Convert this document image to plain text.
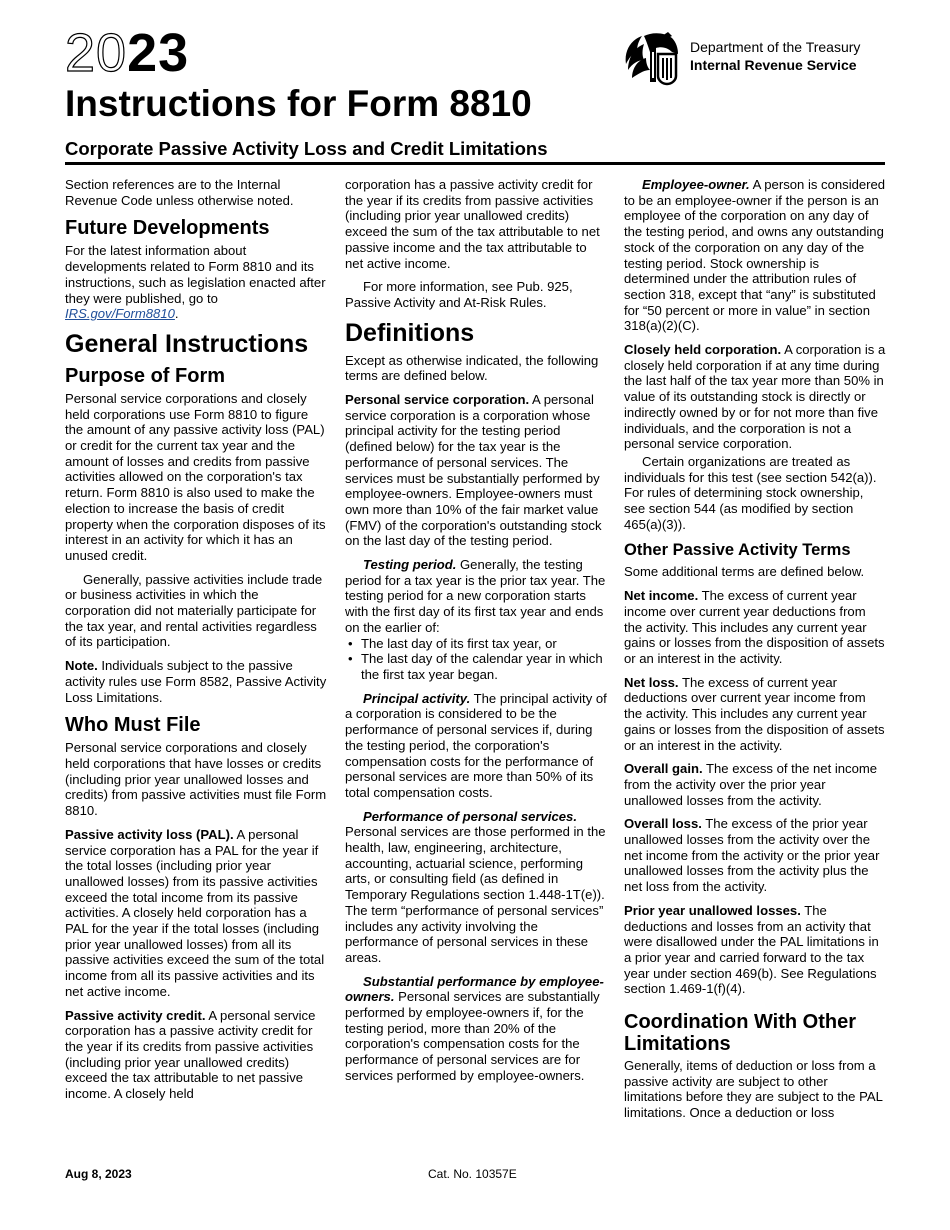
2023
Instructions for Form 8810
Corporate Passive Activity Loss and Credit Limitations
Department of the Treasury
Internal Revenue Service

Section references are to the Internal Revenue Code unless otherwise noted.

Future Developments

For the latest information about developments related to Form 8810 and its instructions, such as legislation enacted after they were published, go to IRS.gov/Form8810.

General Instructions
Purpose of Form

Personal service corporations and closely held corporations use Form 8810 to figure the amount of any passive activity loss (PAL) or credit for the current tax year and the amount of losses and credits from passive activities allowed on the corporation's tax return. Form 8810 is also used to make the election to increase the basis of credit property when the corporation disposes of its interest in an activity for which it has an unused credit.

Generally, passive activities include trade or business activities in which the corporation did not materially participate for the tax year, and rental activities regardless of its participation.

Note. Individuals subject to the passive activity rules use Form 8582, Passive Activity Loss Limitations.

Who Must File

Personal service corporations and closely held corporations that have losses or credits (including prior year unallowed losses and credits) from passive activities must file Form 8810.

Passive activity loss (PAL). A personal service corporation has a PAL for the year if the total losses (including prior year unallowed losses) from its passive activities exceed the total income from its passive activities. A closely held corporation has a PAL for the year if the total losses (including prior year unallowed losses) from all its passive activities exceed the sum of the total income from all its passive activities and its net active income.

Passive activity credit. A personal service corporation has a passive activity credit for the year if its credits from passive activities (including prior year unallowed credits) exceed the tax attributable to net passive income. A closely held

corporation has a passive activity credit for the year if its credits from passive activities (including prior year unallowed credits) exceed the sum of the tax attributable to net passive income and the tax attributable to net active income.

For more information, see Pub. 925, Passive Activity and At-Risk Rules.

Definitions

Except as otherwise indicated, the following terms are defined below.

Personal service corporation. A personal service corporation is a corporation whose principal activity for the testing period (defined below) for the tax year is the performance of personal services. The services must be substantially performed by employee-owners. Employee-owners must own more than 10% of the fair market value (FMV) of the corporation's outstanding stock on the last day of the testing period.

Testing period. Generally, the testing period for a tax year is the prior tax year. The testing period for a new corporation starts with the first day of its first tax year and ends on the earlier of:

• The last day of its first tax year, or
• The last day of the calendar year in which the first tax year began.

Principal activity. The principal activity of a corporation is considered to be the performance of personal services if, during the testing period, the corporation's compensation costs for the performance of personal services are more than 50% of its total compensation costs.

Performance of personal services. Personal services are those performed in the health, law, engineering, architecture, accounting, actuarial science, performing arts, or consulting field (as defined in Temporary Regulations section 1.448-1T(e)). The term “performance of personal services” includes any activity involving the performance of personal services in these areas.

Substantial performance by employee-owners. Personal services are substantially performed by employee-owners if, for the testing period, more than 20% of the corporation's compensation costs for the performance of personal services are for services performed by employee-owners.

Employee-owner. A person is considered to be an employee-owner if the person is an employee of the corporation on any day of the testing period, and owns any outstanding stock of the corporation on any day of the testing period. Stock ownership is determined under the attribution rules of section 318, except that “any” is substituted for “50 percent or more in value” in section 318(a)(2)(C).

Closely held corporation. A corporation is a closely held corporation if at any time during the last half of the tax year more than 50% in value of its outstanding stock is directly or indirectly owned by or for not more than five individuals, and the corporation is not a personal service corporation.

Certain organizations are treated as individuals for this test (see section 542(a)). For rules of determining stock ownership, see section 544 (as modified by section 465(a)(3)).

Other Passive Activity Terms

Some additional terms are defined below.

Net income. The excess of current year income over current year deductions from the activity. This includes any current year gains or losses from the disposition of assets or an interest in the activity.

Net loss. The excess of current year deductions over current year income from the activity. This includes any current year gains or losses from the disposition of assets or an interest in the activity.

Overall gain. The excess of the net income from the activity over the prior year unallowed losses from the activity.

Overall loss. The excess of the prior year unallowed losses from the activity over the net income from the activity or the prior year unallowed losses from the activity plus the net loss from the activity.

Prior year unallowed losses. The deductions and losses from an activity that were disallowed under the PAL limitations in a prior year and carried forward to the tax year under section 469(b). See Regulations section 1.469-1(f)(4).

Coordination With Other Limitations

Generally, items of deduction or loss from a passive activity are subject to other limitations before they are subject to the PAL limitations. Once a deduction or loss

Aug 8, 2023	Cat. No. 10357E
